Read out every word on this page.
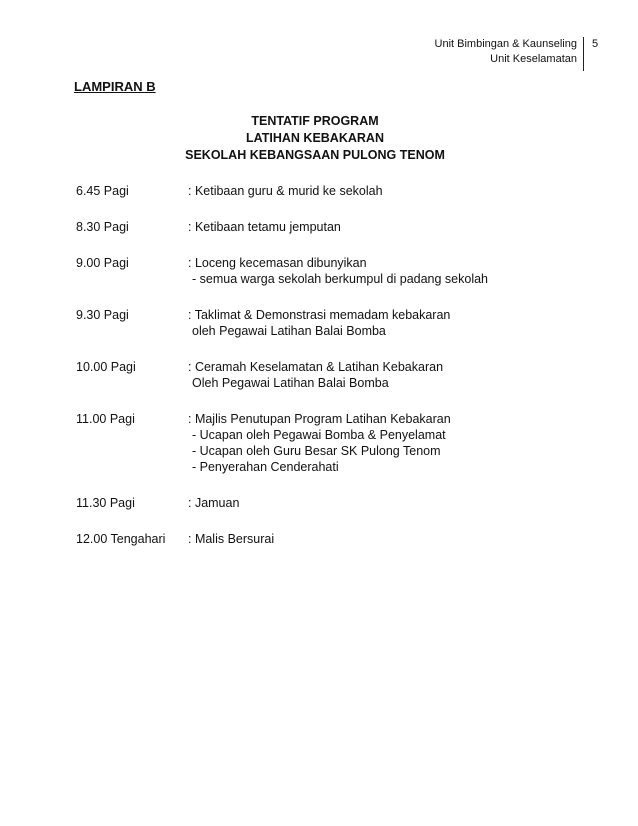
Unit Bimbingan & Kaunseling
Unit Keselamatan
5
LAMPIRAN B
TENTATIF PROGRAM
LATIHAN KEBAKARAN
SEKOLAH KEBANGSAAN PULONG TENOM
6.45 Pagi	: Ketibaan guru & murid ke sekolah
8.30 Pagi	: Ketibaan tetamu jemputan
9.00 Pagi	: Loceng kecemasan dibunyikan
- semua warga sekolah berkumpul di padang sekolah
9.30 Pagi	: Taklimat & Demonstrasi memadam kebakaran
oleh Pegawai Latihan Balai Bomba
10.00 Pagi	: Ceramah Keselamatan & Latihan Kebakaran
Oleh Pegawai Latihan Balai Bomba
11.00 Pagi	: Majlis Penutupan Program Latihan Kebakaran
- Ucapan oleh Pegawai Bomba & Penyelamat
- Ucapan oleh Guru Besar SK Pulong Tenom
- Penyerahan Cenderahati
11.30 Pagi	: Jamuan
12.00 Tengahari	: Malis Bersurai
